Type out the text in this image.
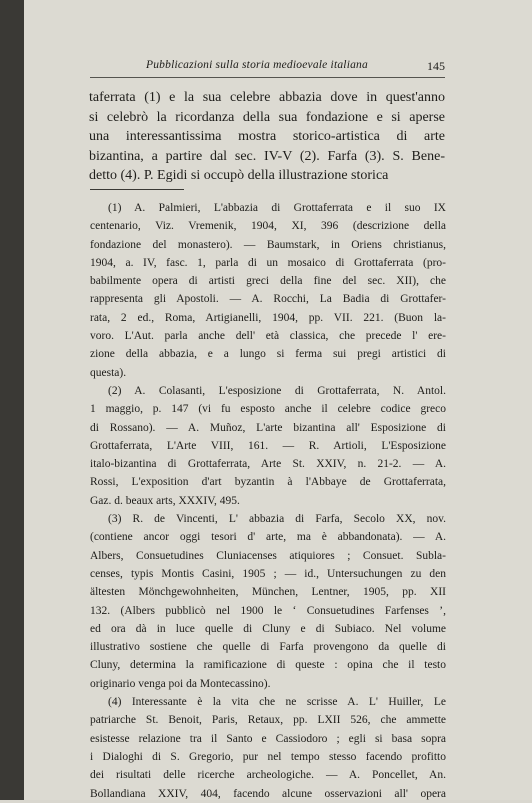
Pubblicazioni sulla storia medioevale italiana	145
taferrata (1) e la sua celebre abbazia dove in quest'anno
si celebrò la ricordanza della sua fondazione e si aperse
una interessantissima mostra storico-artistica di arte
bizantina, a partire dal sec. IV-V (2). Farfa (3). S. Bene-
detto (4). P. Egidi si occupò della illustrazione storica
(1) A. Palmieri, L'abbazia di Grottaferrata e il suo IX
centenario, Viz. Vremenik, 1904, XI, 396 (descrizione della
fondazione del monastero). — Baumstark, in Oriens christianus,
1904, a. IV, fasc. 1, parla di un mosaico di Grottaferrata (pro-
babilmente opera di artisti greci della fine del sec. XII), che
rappresenta gli Apostoli. — A. Rocchi, La Badia di Grottafer-
rata, 2 ed., Roma, Artigianelli, 1904, pp. VII. 221. (Buon la-
voro. L'Aut. parla anche dell' età classica, che precede l' ere-
zione della abbazia, e a lungo si ferma sui pregi artistici di
questa).
(2) A. Colasanti, L'esposizione di Grottaferrata, N. Antol.
1 maggio, p. 147 (vi fu esposto anche il celebre codice greco
di Rossano). — A. Muñoz, L'arte bizantina all' Esposizione di
Grottaferrata, L'Arte VIII, 161. — R. Artioli, L'Esposizione
italo-bizantina di Grottaferrata, Arte St. XXIV, n. 21-2. — A.
Rossi, L'exposition d'art byzantin à l'Abbaye de Grottaferrata,
Gaz. d. beaux arts, XXXIV, 495.
(3) R. de Vincenti, L' abbazia di Farfa, Secolo XX, nov.
(contiene ancor oggi tesori d' arte, ma è abbandonata). — A.
Albers, Consuetudines Cluniacenses atiquiores ; Consuet. Subla-
censes, typis Montis Casini, 1905 ; — id., Untersuchungen zu den
ältesten Mönchgewohnheiten, München, Lentner, 1905, pp. XII
132. (Albers pubblicò nel 1900 le ‘ Consuetudines Farfenses ’,
ed ora dà in luce quelle di Cluny e di Subiaco. Nel volume
illustrativo sostiene che quelle di Farfa provengono da quelle di
Cluny, determina la ramificazione di queste : opina che il testo
originario venga poi da Montecassino).
(4) Interessante è la vita che ne scrisse A. L' Huiller, Le
patriarche St. Benoit, Paris, Retaux, pp. LXII 526, che ammette
esistesse relazione tra il Santo e Cassiodoro ; egli si basa sopra
i Dialoghi di S. Gregorio, pur nel tempo stesso facendo profitto
dei risultati delle ricerche archeologiche. — A. Poncellet, An.
Bollandiana XXIV, 404, facendo alcune osservazioni all' opera
